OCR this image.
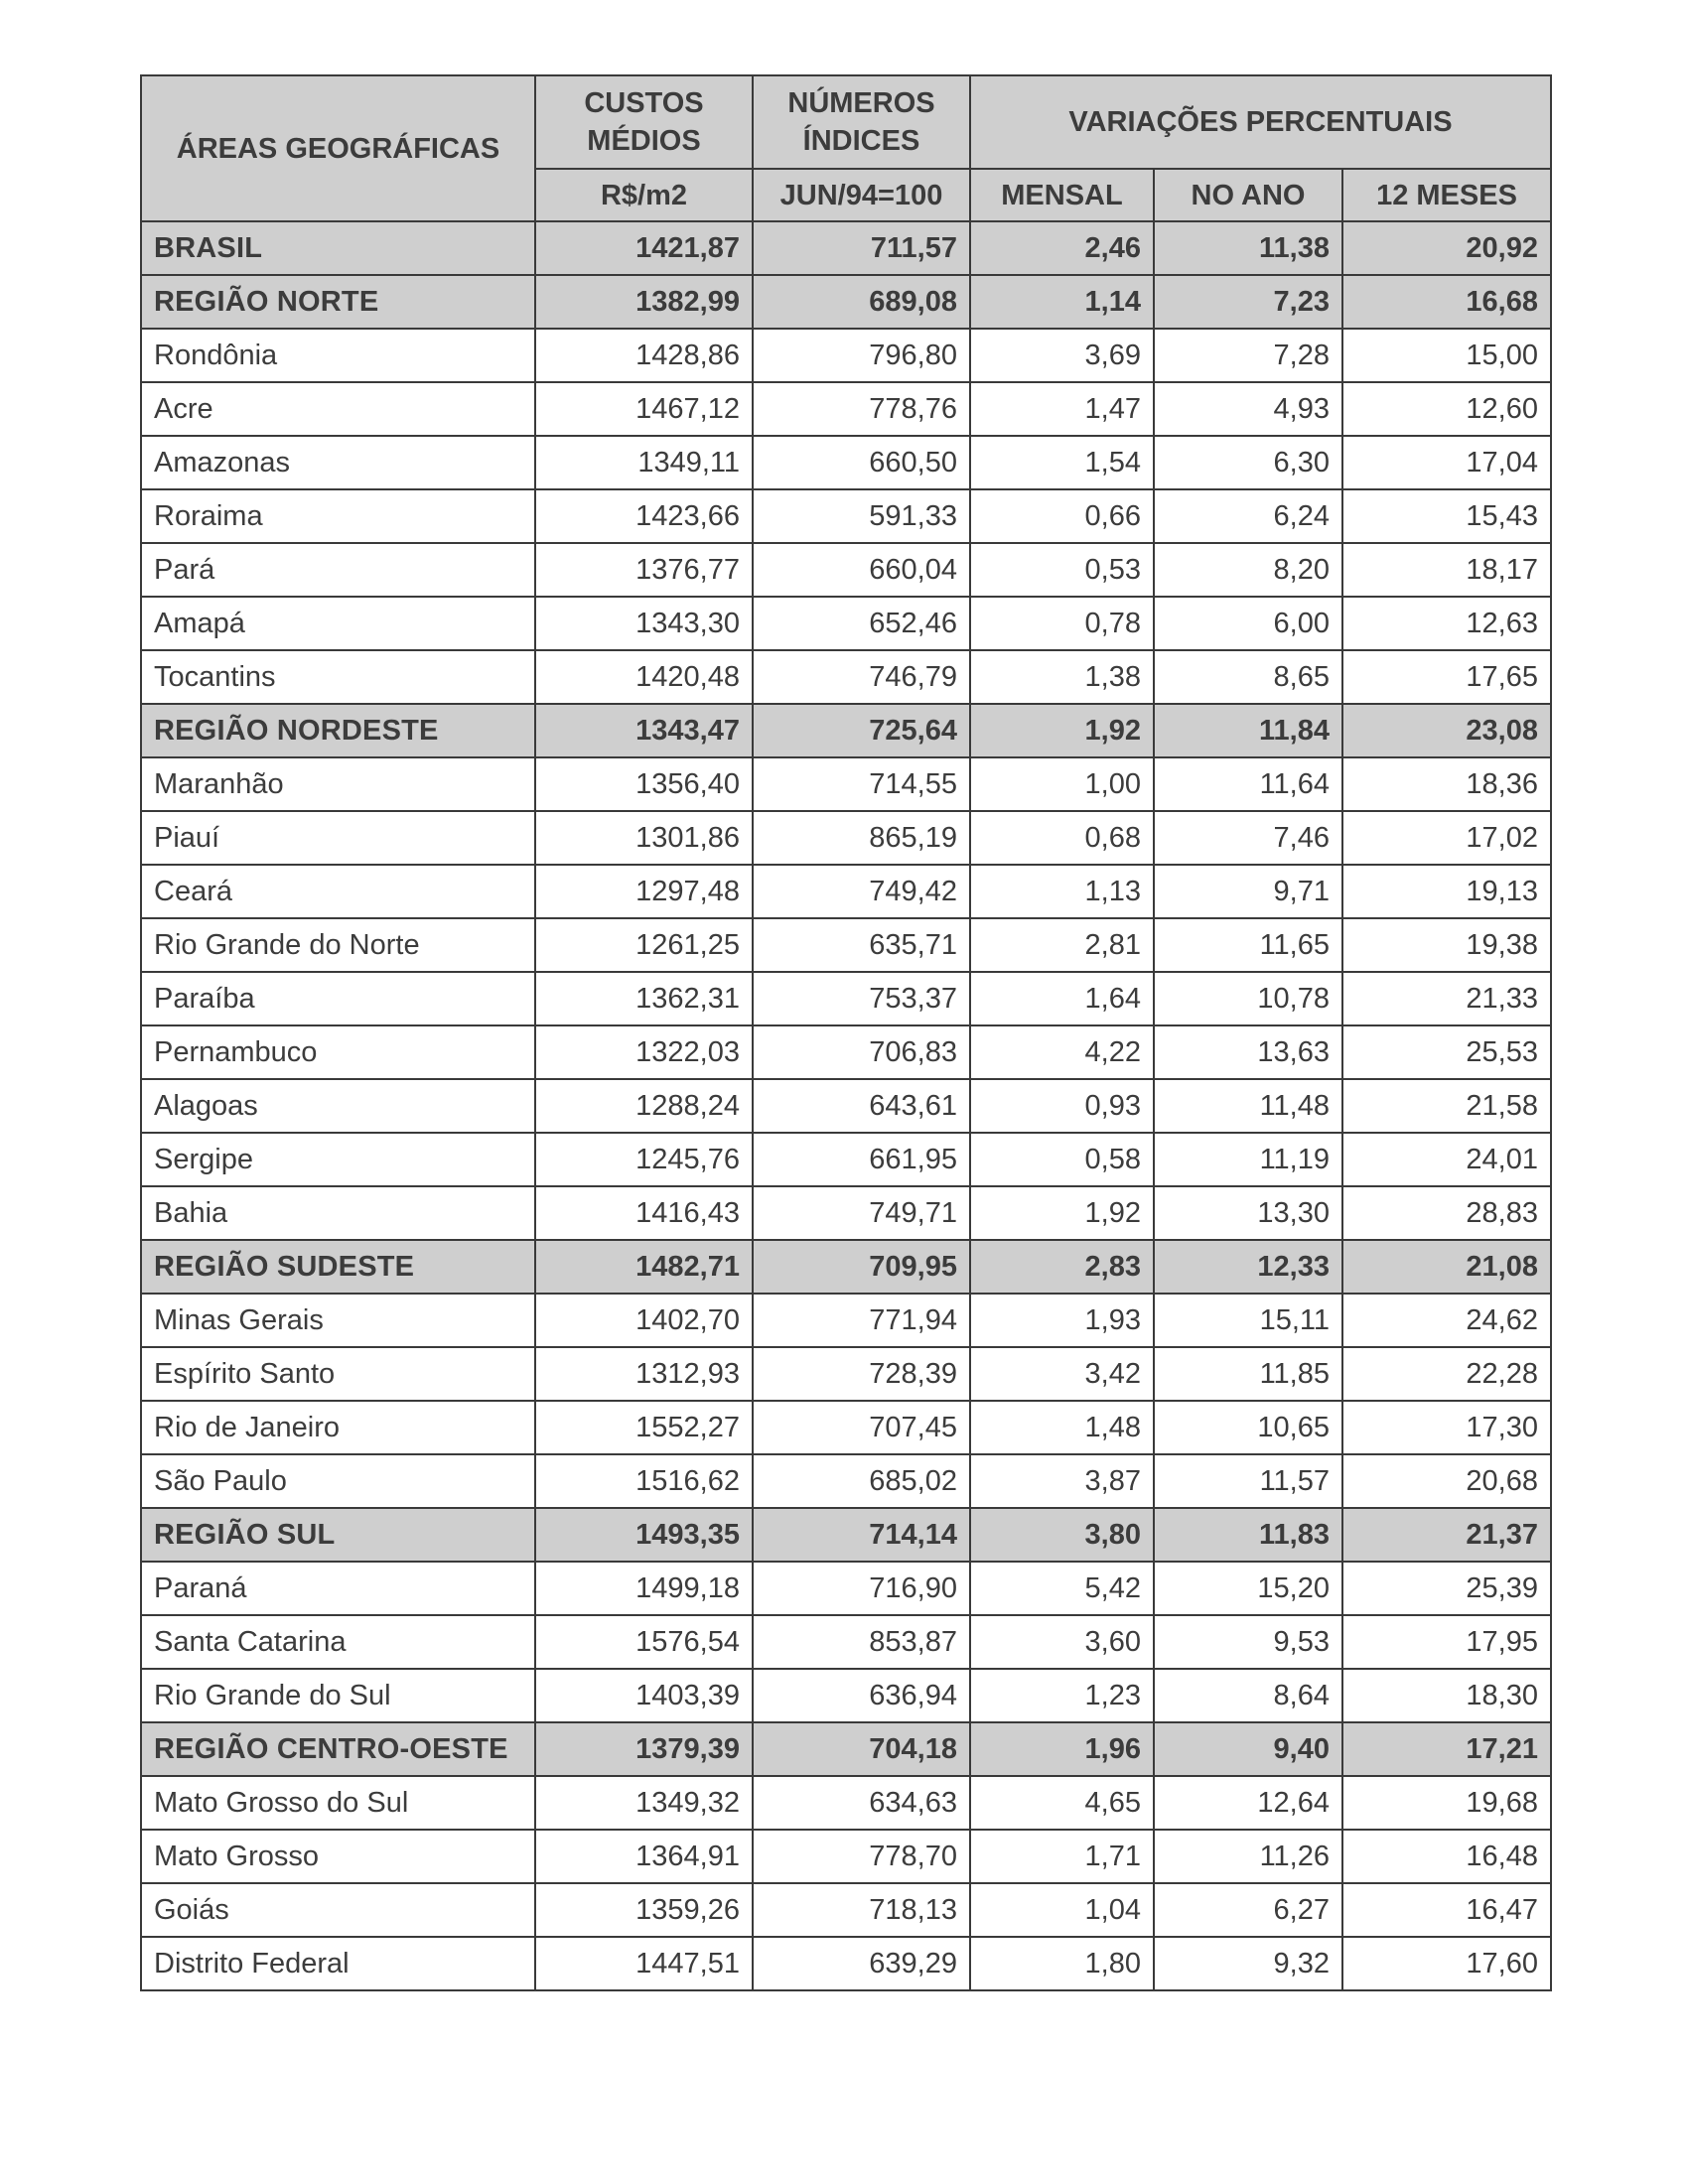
ÁREAS GEOGRÁFICAS	CUSTOS MÉDIOS	NÚMEROS ÍNDICES	VARIAÇÕES PERCENTUAIS		
	R$/m2	JUN/94=100	MENSAL	NO ANO	12 MESES
BRASIL	1421,87	711,57	2,46	11,38	20,92
REGIÃO NORTE	1382,99	689,08	1,14	7,23	16,68
Rondônia	1428,86	796,80	3,69	7,28	15,00
Acre	1467,12	778,76	1,47	4,93	12,60
Amazonas	1349,11	660,50	1,54	6,30	17,04
Roraima	1423,66	591,33	0,66	6,24	15,43
Pará	1376,77	660,04	0,53	8,20	18,17
Amapá	1343,30	652,46	0,78	6,00	12,63
Tocantins	1420,48	746,79	1,38	8,65	17,65
REGIÃO NORDESTE	1343,47	725,64	1,92	11,84	23,08
Maranhão	1356,40	714,55	1,00	11,64	18,36
Piauí	1301,86	865,19	0,68	7,46	17,02
Ceará	1297,48	749,42	1,13	9,71	19,13
Rio Grande do Norte	1261,25	635,71	2,81	11,65	19,38
Paraíba	1362,31	753,37	1,64	10,78	21,33
Pernambuco	1322,03	706,83	4,22	13,63	25,53
Alagoas	1288,24	643,61	0,93	11,48	21,58
Sergipe	1245,76	661,95	0,58	11,19	24,01
Bahia	1416,43	749,71	1,92	13,30	28,83
REGIÃO SUDESTE	1482,71	709,95	2,83	12,33	21,08
Minas Gerais	1402,70	771,94	1,93	15,11	24,62
Espírito Santo	1312,93	728,39	3,42	11,85	22,28
Rio de Janeiro	1552,27	707,45	1,48	10,65	17,30
São Paulo	1516,62	685,02	3,87	11,57	20,68
REGIÃO SUL	1493,35	714,14	3,80	11,83	21,37
Paraná	1499,18	716,90	5,42	15,20	25,39
Santa Catarina	1576,54	853,87	3,60	9,53	17,95
Rio Grande do Sul	1403,39	636,94	1,23	8,64	18,30
REGIÃO CENTRO-OESTE	1379,39	704,18	1,96	9,40	17,21
Mato Grosso do Sul	1349,32	634,63	4,65	12,64	19,68
Mato Grosso	1364,91	778,70	1,71	11,26	16,48
Goiás	1359,26	718,13	1,04	6,27	16,47
Distrito Federal	1447,51	639,29	1,80	9,32	17,60
